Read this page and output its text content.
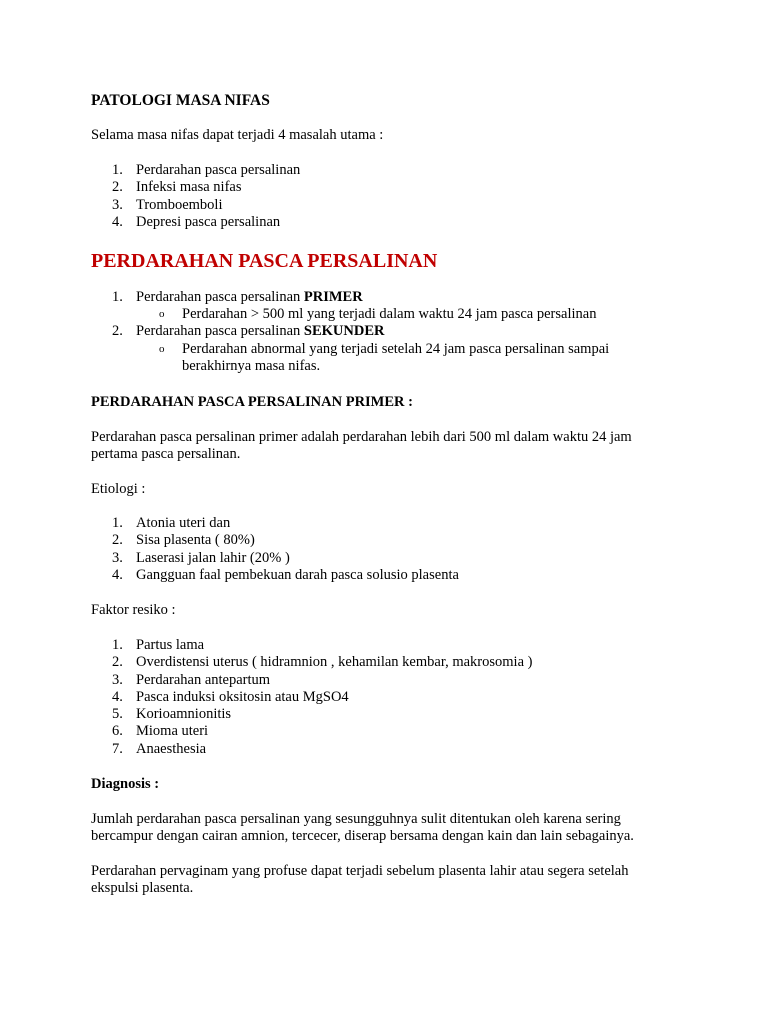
PATOLOGI MASA NIFAS
Selama masa nifas dapat terjadi 4 masalah utama :
1. Perdarahan pasca persalinan
2. Infeksi masa nifas
3. Tromboemboli
4. Depresi pasca persalinan
PERDARAHAN PASCA PERSALINAN
1. Perdarahan pasca persalinan PRIMER
o Perdarahan > 500 ml yang terjadi dalam waktu 24 jam pasca persalinan
2. Perdarahan pasca persalinan SEKUNDER
o Perdarahan abnormal yang terjadi setelah 24 jam pasca persalinan sampai
berakhirnya masa nifas.
PERDARAHAN PASCA PERSALINAN PRIMER :
Perdarahan pasca persalinan primer adalah perdarahan lebih dari 500 ml dalam waktu 24 jam
pertama pasca persalinan.
Etiologi :
1. Atonia uteri dan
2. Sisa plasenta ( 80%)
3. Laserasi jalan lahir (20% )
4. Gangguan faal pembekuan darah pasca solusio plasenta
Faktor resiko :
1. Partus lama
2. Overdistensi uterus ( hidramnion , kehamilan kembar, makrosomia )
3. Perdarahan antepartum
4. Pasca induksi oksitosin atau MgSO4
5. Korioamnionitis
6. Mioma uteri
7. Anaesthesia
Diagnosis :
Jumlah perdarahan pasca persalinan yang sesungguhnya sulit ditentukan oleh karena sering
bercampur dengan cairan amnion, tercecer, diserap bersama dengan kain dan lain sebagainya.
Perdarahan pervaginam yang profuse dapat terjadi sebelum plasenta lahir atau segera setelah
ekspulsi plasenta.
